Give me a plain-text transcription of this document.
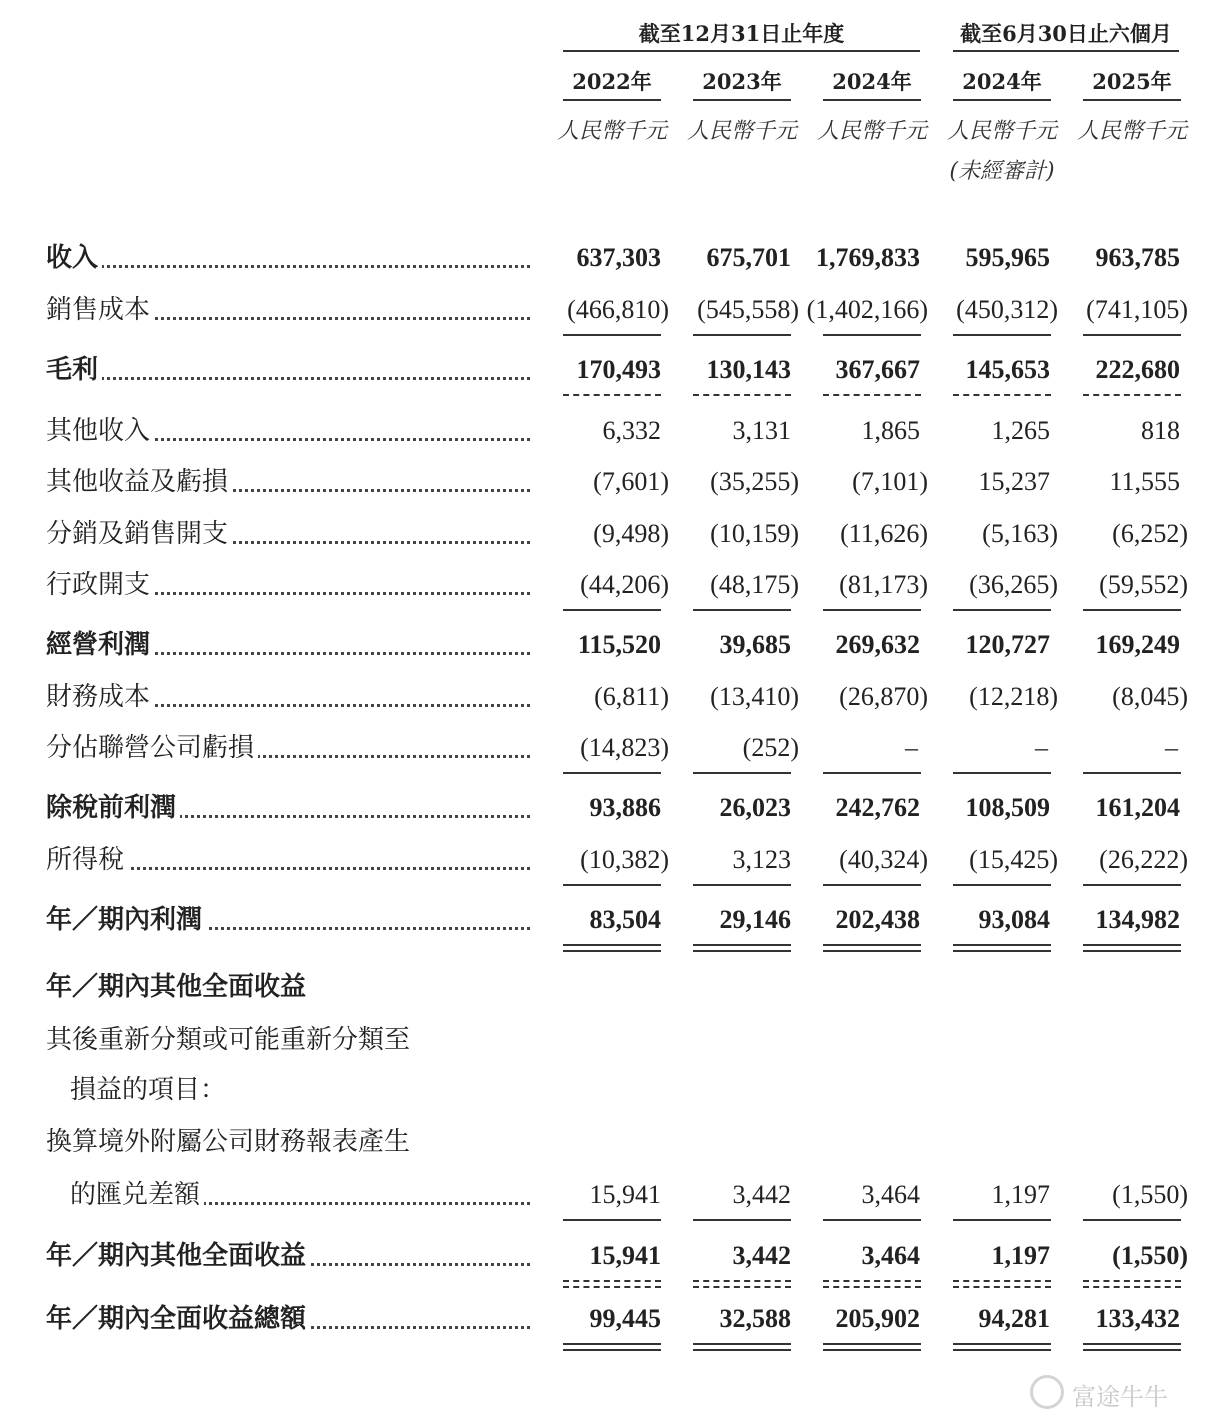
截至12月31日止年度	截至6月30日止六個月
2022年	2023年	2024年	2024年	2025年
人民幣千元 人民幣千元 人民幣千元 人民幣千元 人民幣千元
(未經審計)
收入	637,303	675,701 1,769,833	595,965	963,785
銷售成本	(466,810)	(545,558) (1,402,166)	(450,312)	(741,105)
毛利	170,493	130,143	367,667	145,653	222,680
其他收入	6,332	3,131	1,865	1,265	818
其他收益及虧損	(7,601)	(35,255)	(7,101)	15,237	11,555
分銷及銷售開支	(9,498)	(10,159)	(11,626)	(5,163)	(6,252)
行政開支	(44,206)	(48,175)	(81,173)	(36,265)	(59,552)
經營利潤	115,520	39,685	269,632	120,727	169,249
財務成本	(6,811)	(13,410)	(26,870)	(12,218)	(8,045)
分佔聯營公司虧損	(14,823)	(252)	–	–	–
除稅前利潤	93,886	26,023	242,762	108,509	161,204
所得稅	(10,382)	3,123	(40,324)	(15,425)	(26,222)
年／期內利潤	83,504	29,146	202,438	93,084	134,982
年／期內其他全面收益
其後重新分類或可能重新分類至
損益的項目：
換算境外附屬公司財務報表產生
的匯兑差額	15,941	3,442	3,464	1,197	(1,550)
年／期內其他全面收益	15,941	3,442	3,464	1,197	(1,550)
年／期內全面收益總額	99,445	32,588	205,902	94,281	133,432
富途牛牛
